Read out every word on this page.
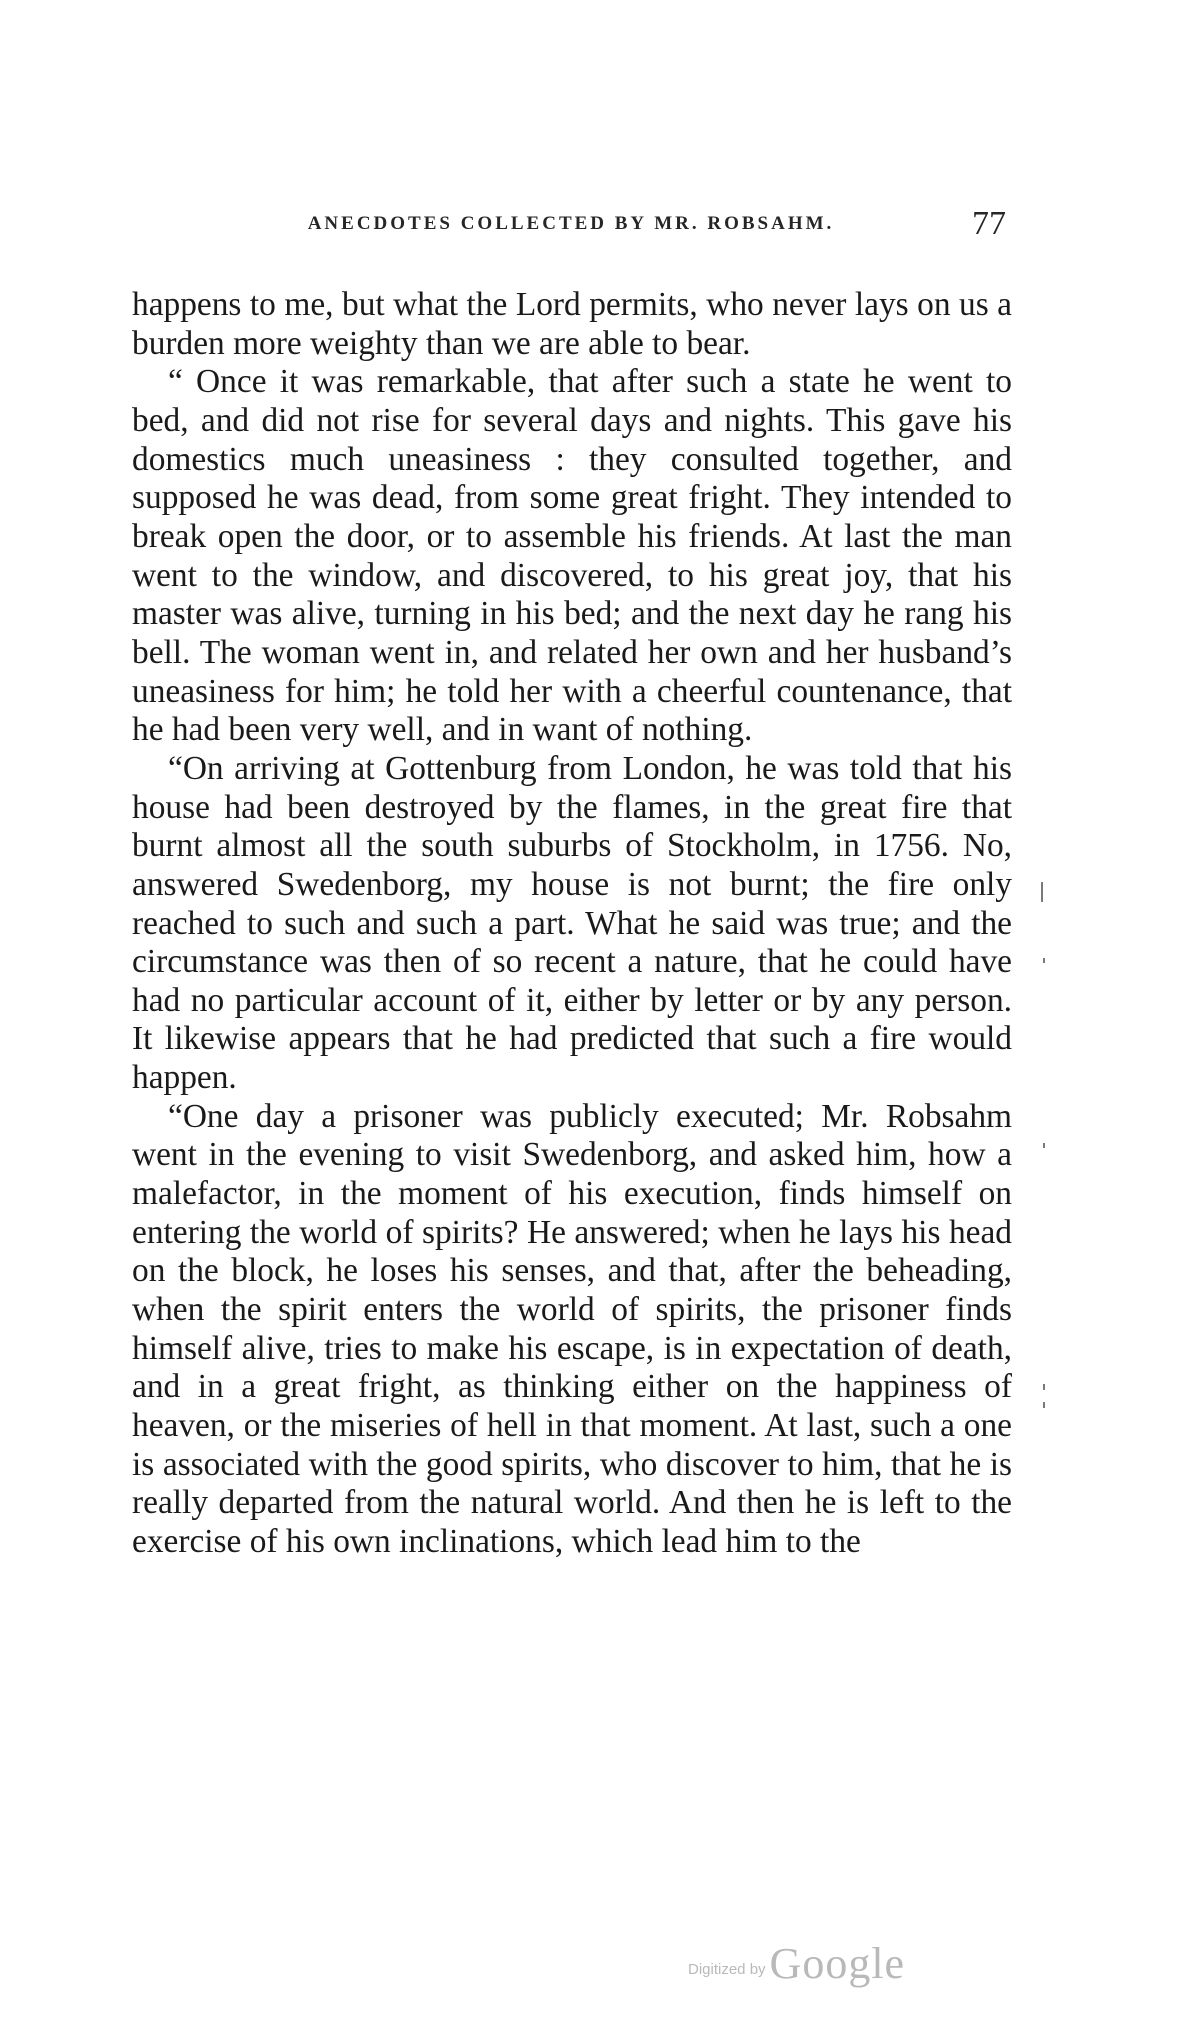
ANECDOTES COLLECTED BY MR. ROBSAHM.	77

happens to me, but what the Lord permits, who never lays on us a burden more weighty than we are able to bear.

“ Once it was remarkable, that after such a state he went to bed, and did not rise for several days and nights. This gave his domestics much uneasiness : they consulted together, and supposed he was dead, from some great fright. They intended to break open the door, or to assemble his friends. At last the man went to the window, and discovered, to his great joy, that his master was alive, turning in his bed; and the next day he rang his bell. The woman went in, and related her own and her husband’s uneasiness for him; he told her with a cheerful countenance, that he had been very well, and in want of nothing.

“On arriving at Gottenburg from London, he was told that his house had been destroyed by the flames, in the great fire that burnt almost all the south suburbs of Stockholm, in 1756. No, answered Swedenborg, my house is not burnt; the fire only reached to such and such a part. What he said was true; and the circumstance was then of so recent a nature, that he could have had no particular account of it, either by letter or by any person. It likewise appears that he had predicted that such a fire would happen.

“One day a prisoner was publicly executed; Mr. Robsahm went in the evening to visit Swedenborg, and asked him, how a malefactor, in the moment of his execution, finds himself on entering the world of spirits? He answered; when he lays his head on the block, he loses his senses, and that, after the beheading, when the spirit enters the world of spirits, the prisoner finds himself alive, tries to make his escape, is in expectation of death, and in a great fright, as thinking either on the happiness of heaven, or the miseries of hell in that moment. At last, such a one is associated with the good spirits, who discover to him, that he is really departed from the natural world. And then he is left to the exercise of his own inclinations, which lead him to the

Digitized byGoogle
